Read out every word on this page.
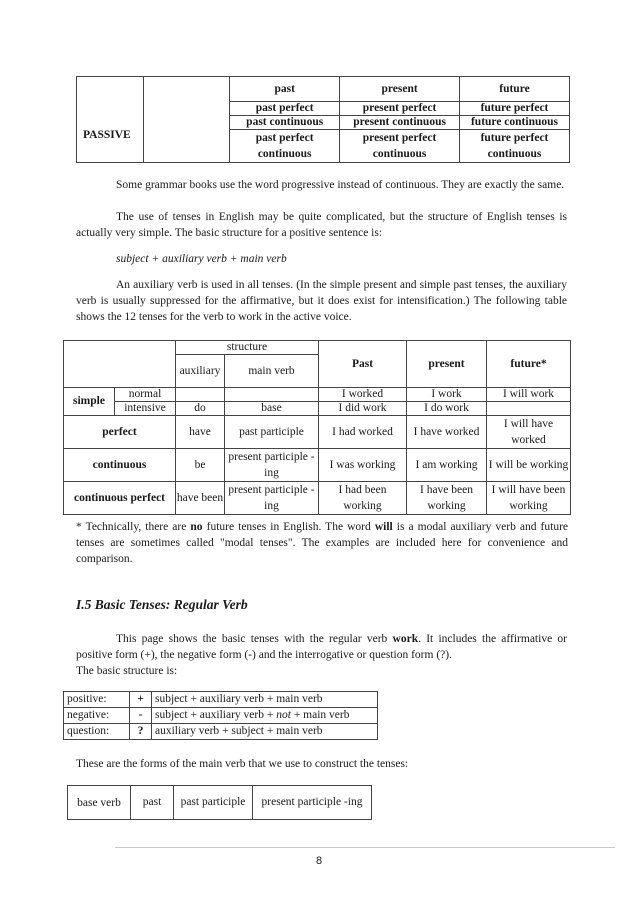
PASSIVE		past	present	future
		past perfect	present perfect	future perfect
		past continuous	present continuous	future continuous
		past perfect continuous	present perfect continuous	future perfect continuous

Some grammar books use the word progressive instead of continuous. They are exactly the same.

The use of tenses in English may be quite complicated, but the structure of English tenses is actually very simple. The basic structure for a positive sentence is:

subject + auxiliary verb + main verb

An auxiliary verb is used in all tenses. (In the simple present and simple past tenses, the auxiliary verb is usually suppressed for the affirmative, but it does exist for intensification.) The following table shows the 12 tenses for the verb to work in the active voice.

		structure		Past	present	future*
		auxiliary	main verb			
simple	normal			I worked	I work	I will work
	intensive	do	base	I did work	I do work	
perfect		have	past participle	I had worked	I have worked	I will have worked
continuous		be	present participle -ing	I was working	I am working	I will be working
continuous perfect		have been	present participle -ing	I had been working	I have been working	I will have been working

* Technically, there are no future tenses in English. The word will is a modal auxiliary verb and future tenses are sometimes called "modal tenses". The examples are included here for convenience and comparison.

I.5 Basic Tenses: Regular Verb

This page shows the basic tenses with the regular verb work. It includes the affirmative or positive form (+), the negative form (-) and the interrogative or question form (?).

The basic structure is:

positive:	+	subject + auxiliary verb + main verb
negative:	-	subject + auxiliary verb + not + main verb
question:	?	auxiliary verb + subject + main verb

These are the forms of the main verb that we use to construct the tenses:

base verb	past	past participle	present participle -ing
8
